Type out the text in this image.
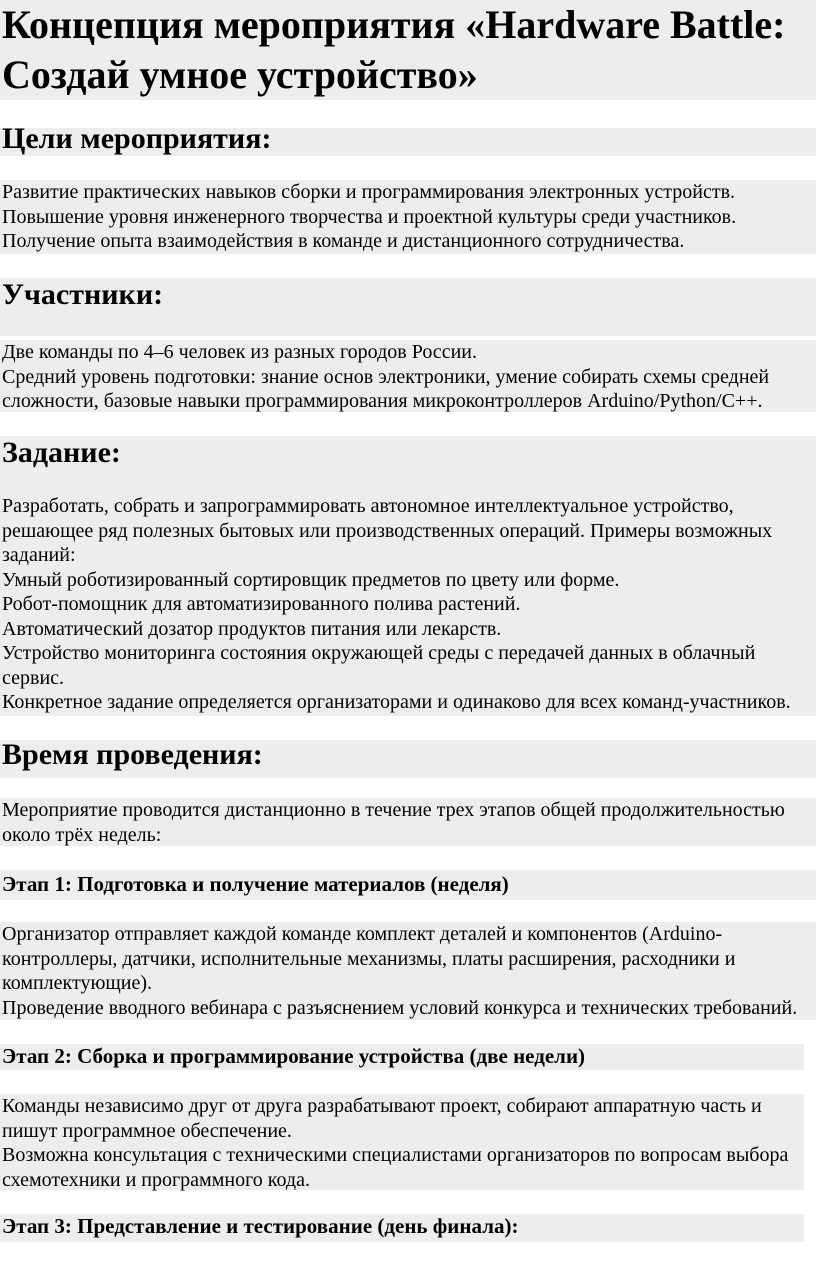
Концепция мероприятия «Hardware Battle: Создай умное устройство»
Цели мероприятия:

Развитие практических навыков сборки и программирования электронных устройств.
Повышение уровня инженерного творчества и проектной культуры среди участников.
Получение опыта взаимодействия в команде и дистанционного сотрудничества.

Участники:

Две команды по 4–6 человек из разных городов России.
Средний уровень подготовки: знание основ электроники, умение собирать схемы средней сложности, базовые навыки программирования микроконтроллеров Arduino/Python/C++.

Задание:

Разработать, собрать и запрограммировать автономное интеллектуальное устройство, решающее ряд полезных бытовых или производственных операций. Примеры возможных заданий:
Умный роботизированный сортировщик предметов по цвету или форме.
Робот-помощник для автоматизированного полива растений.
Автоматический дозатор продуктов питания или лекарств.
Устройство мониторинга состояния окружающей среды с передачей данных в облачный сервис.
Конкретное задание определяется организаторами и одинаково для всех команд-участников.

Время проведения:

Мероприятие проводится дистанционно в течение трех этапов общей продолжительностью около трёх недель:

Этап 1: Подготовка и получение материалов (неделя)

Организатор отправляет каждой команде комплект деталей и компонентов (Arduino-контроллеры, датчики, исполнительные механизмы, платы расширения, расходники и комплектующие).
Проведение вводного вебинара с разъяснением условий конкурса и технических требований.

Этап 2: Сборка и программирование устройства (две недели)

Команды независимо друг от друга разрабатывают проект, собирают аппаратную часть и пишут программное обеспечение.
Возможна консультация с техническими специалистами организаторов по вопросам выбора схемотехники и программного кода.

Этап 3: Представление и тестирование (день финала):
